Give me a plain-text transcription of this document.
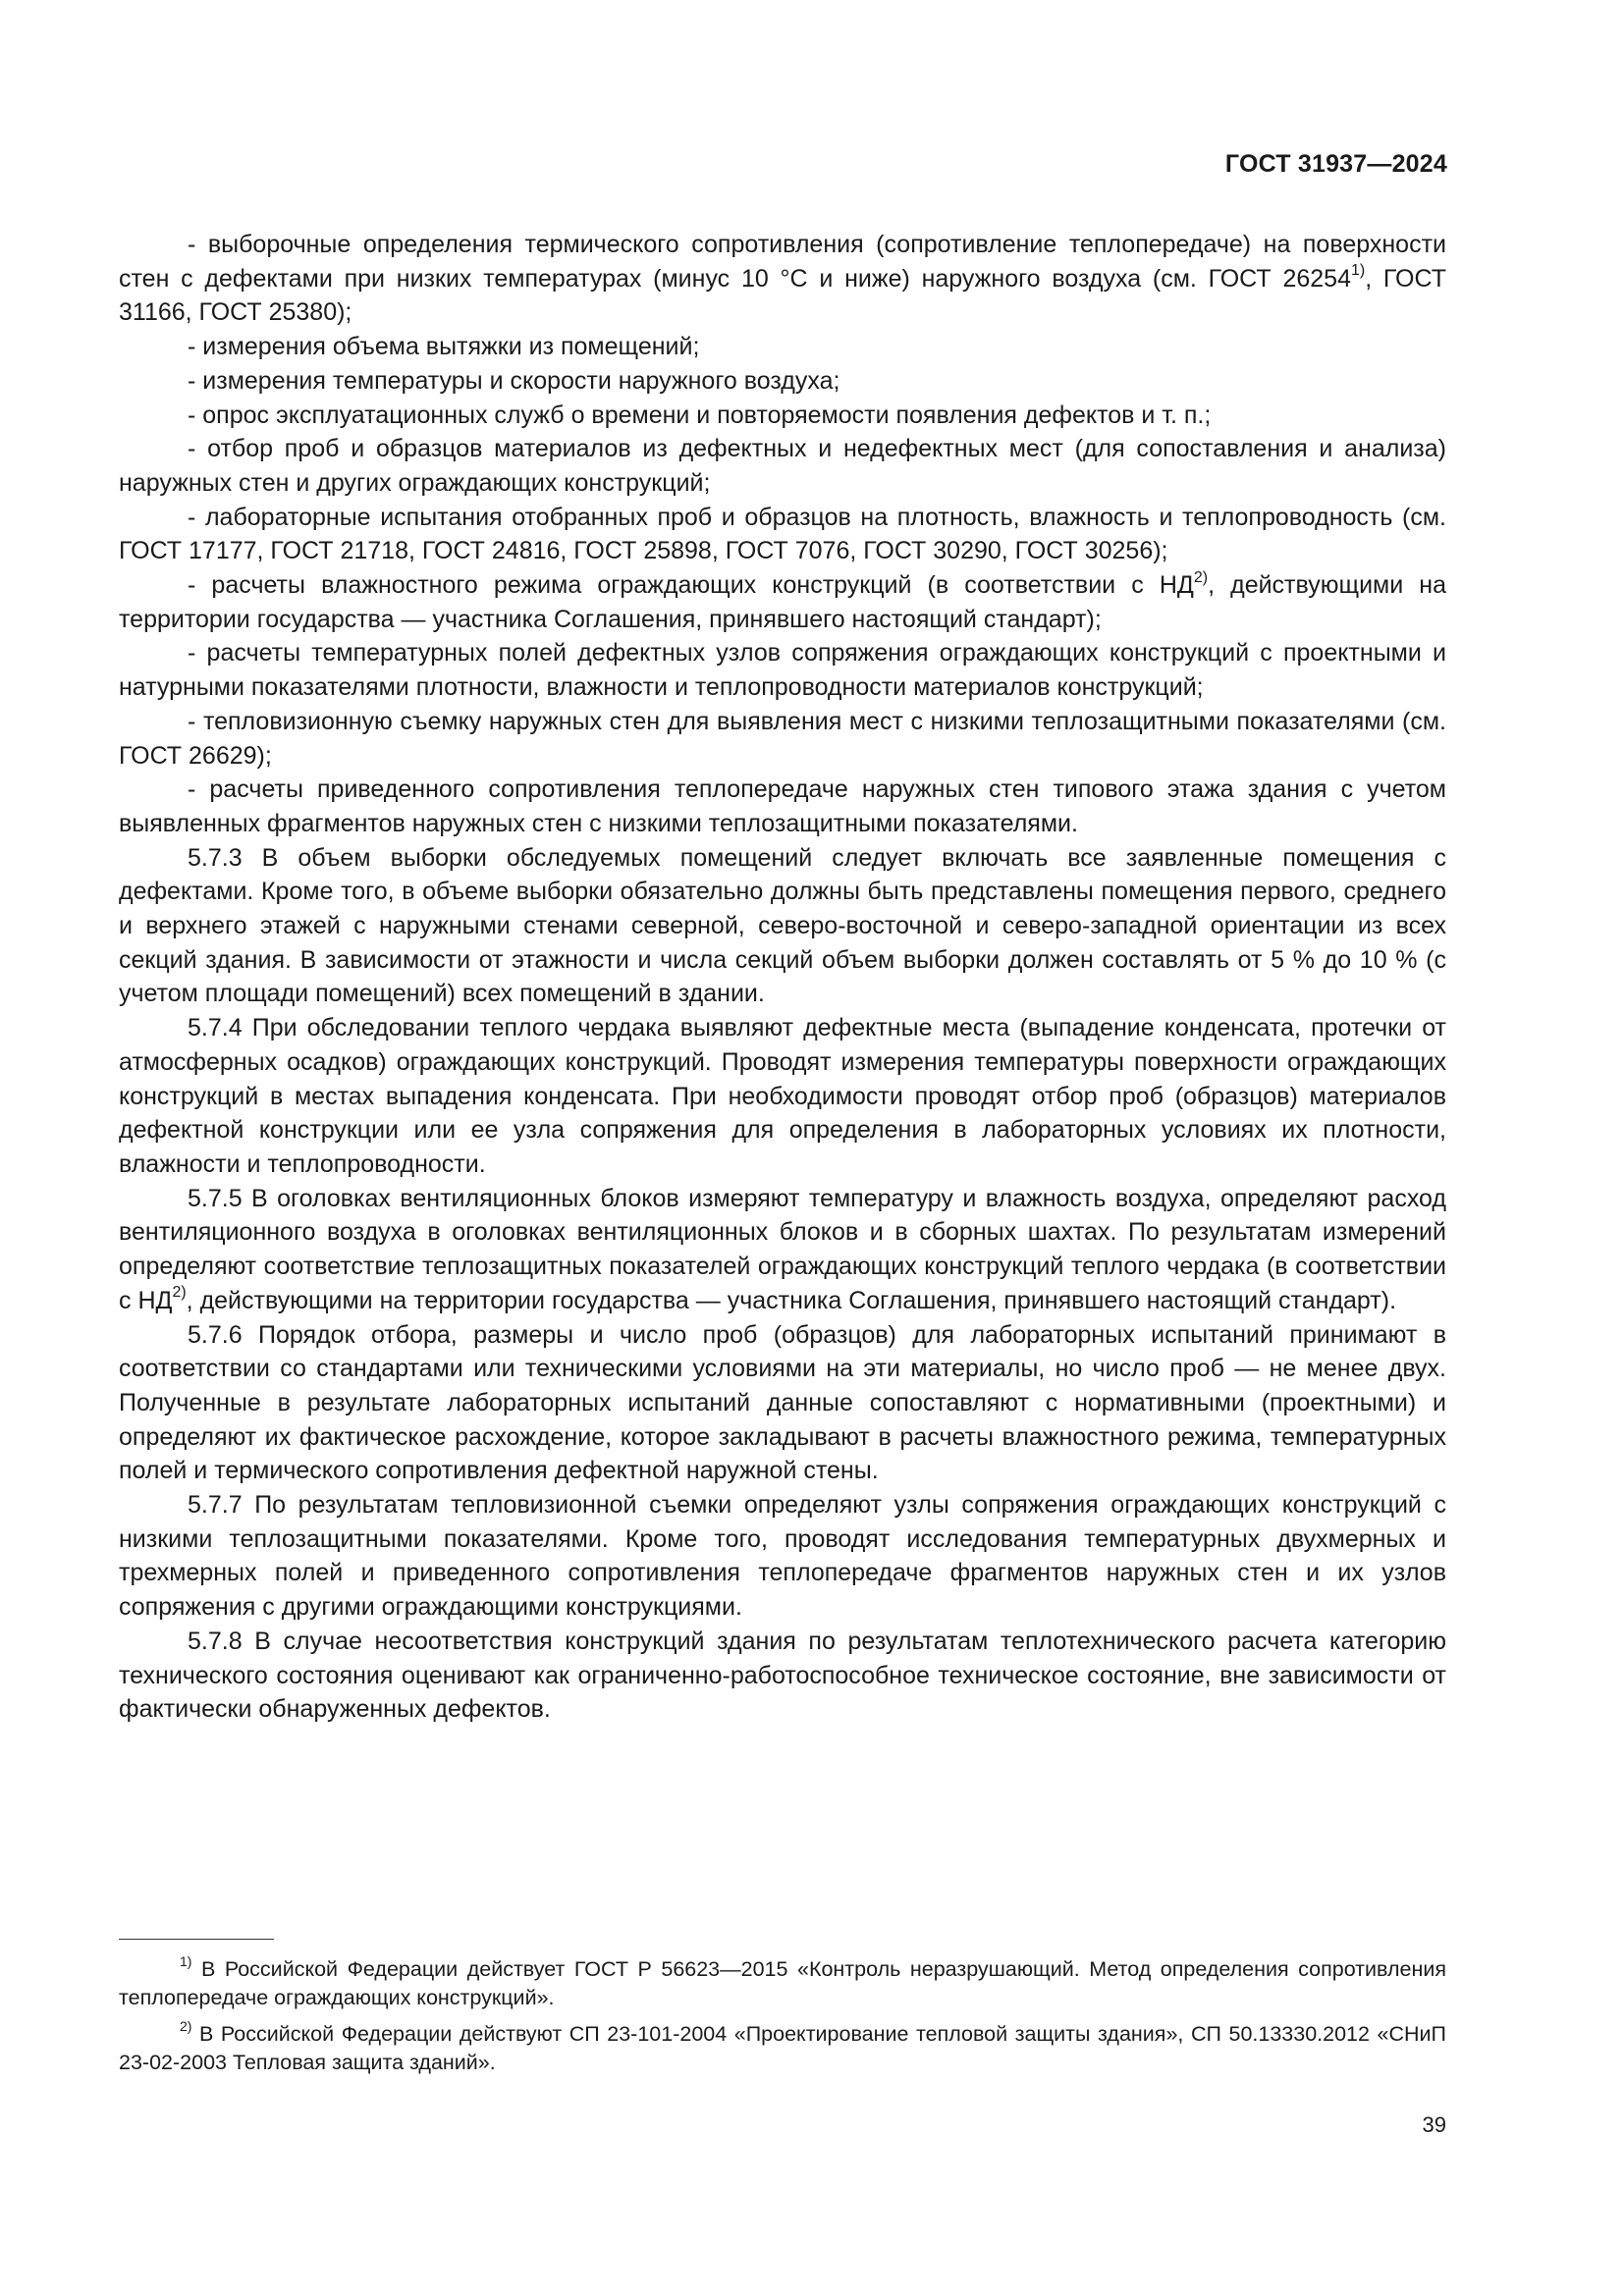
ГОСТ 31937—2024

- выборочные определения термического сопротивления (сопротивление теплопередаче) на поверхности стен с дефектами при низких температурах (минус 10 °C и ниже) наружного воздуха (см. ГОСТ 26254$^{1)}$, ГОСТ 31166, ГОСТ 25380);

- измерения объема вытяжки из помещений;

- измерения температуры и скорости наружного воздуха;

- опрос эксплуатационных служб о времени и повторяемости появления дефектов и т. п.;

- отбор проб и образцов материалов из дефектных и недефектных мест (для сопоставления и анализа) наружных стен и других ограждающих конструкций;

- лабораторные испытания отобранных проб и образцов на плотность, влажность и теплопроводность (см. ГОСТ 17177, ГОСТ 21718, ГОСТ 24816, ГОСТ 25898, ГОСТ 7076, ГОСТ 30290, ГОСТ 30256);

- расчеты влажностного режима ограждающих конструкций (в соответствии с НД$^{2)}$, действующими на территории государства — участника Соглашения, принявшего настоящий стандарт);

- расчеты температурных полей дефектных узлов сопряжения ограждающих конструкций с проектными и натурными показателями плотности, влажности и теплопроводности материалов конструкций;

- тепловизионную съемку наружных стен для выявления мест с низкими теплозащитными показателями (см. ГОСТ 26629);

- расчеты приведенного сопротивления теплопередаче наружных стен типового этажа здания с учетом выявленных фрагментов наружных стен с низкими теплозащитными показателями.

5.7.3 В объем выборки обследуемых помещений следует включать все заявленные помещения с дефектами. Кроме того, в объеме выборки обязательно должны быть представлены помещения первого, среднего и верхнего этажей с наружными стенами северной, северо-восточной и северо-западной ориентации из всех секций здания. В зависимости от этажности и числа секций объем выборки должен составлять от 5 % до 10 % (с учетом площади помещений) всех помещений в здании.

5.7.4 При обследовании теплого чердака выявляют дефектные места (выпадение конденсата, протечки от атмосферных осадков) ограждающих конструкций. Проводят измерения температуры поверхности ограждающих конструкций в местах выпадения конденсата. При необходимости проводят отбор проб (образцов) материалов дефектной конструкции или ее узла сопряжения для определения в лабораторных условиях их плотности, влажности и теплопроводности.

5.7.5 В оголовках вентиляционных блоков измеряют температуру и влажность воздуха, определяют расход вентиляционного воздуха в оголовках вентиляционных блоков и в сборных шахтах. По результатам измерений определяют соответствие теплозащитных показателей ограждающих конструкций теплого чердака (в соответствии с НД$^{2)}$, действующими на территории государства — участника Соглашения, принявшего настоящий стандарт).

5.7.6 Порядок отбора, размеры и число проб (образцов) для лабораторных испытаний принимают в соответствии со стандартами или техническими условиями на эти материалы, но число проб — не менее двух. Полученные в результате лабораторных испытаний данные сопоставляют с нормативными (проектными) и определяют их фактическое расхождение, которое закладывают в расчеты влажностного режима, температурных полей и термического сопротивления дефектной наружной стены.

5.7.7 По результатам тепловизионной съемки определяют узлы сопряжения ограждающих конструкций с низкими теплозащитными показателями. Кроме того, проводят исследования температурных двухмерных и трехмерных полей и приведенного сопротивления теплопередаче фрагментов наружных стен и их узлов сопряжения с другими ограждающими конструкциями.

5.7.8 В случае несоответствия конструкций здания по результатам теплотехнического расчета категорию технического состояния оценивают как ограниченно-работоспособное техническое состояние, вне зависимости от фактически обнаруженных дефектов.

$^{1)}$ В Российской Федерации действует ГОСТ Р 56623—2015 «Контроль неразрушающий. Метод определения сопротивления теплопередаче ограждающих конструкций».

$^{2)}$ В Российской Федерации действуют СП 23-101-2004 «Проектирование тепловой защиты здания», СП 50.13330.2012 «СНиП 23-02-2003 Тепловая защита зданий».

39
